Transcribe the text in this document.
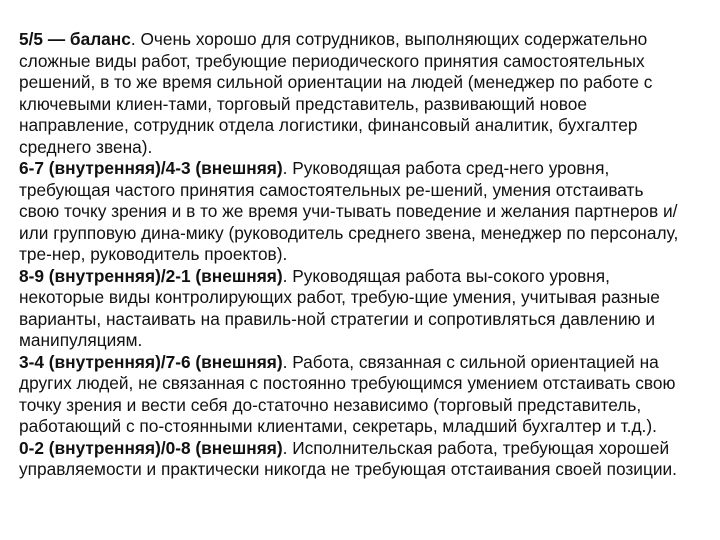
5/5 — баланс. Очень хорошо для сотрудников, выполняющих содержательно сложные виды работ, требующие периодического принятия самостоятельных решений, в то же время сильной ориентации на людей (менеджер по работе с ключевыми клиен-тами, торговый представитель, развивающий новое направление, сотрудник отдела логистики, финансовый аналитик, бухгалтер среднего звена).

6-7 (внутренняя)/4-3 (внешняя). Руководящая работа сред-него уровня, требующая частого принятия самостоятельных ре-шений, умения отстаивать свою точку зрения и в то же время учи-тывать поведение и желания партнеров и/или групповую дина-мику (руководитель среднего звена, менеджер по персоналу, тре-нер, руководитель проектов).

8-9 (внутренняя)/2-1 (внешняя). Руководящая работа вы-сокого уровня, некоторые виды контролирующих работ, требую-щие умения, учитывая разные варианты, настаивать на правиль-ной стратегии и сопротивляться давлению и манипуляциям.

3-4 (внутренняя)/7-6 (внешняя). Работа, связанная с сильной ориентацией на других людей, не связанная с постоянно требующимся умением отстаивать свою точку зрения и вести себя до-статочно независимо (торговый представитель, работающий с по-стоянными клиентами, секретарь, младший бухгалтер и т.д.).

0-2 (внутренняя)/0-8 (внешняя). Исполнительская работа, требующая хорошей управляемости и практически никогда не требующая отстаивания своей позиции.
